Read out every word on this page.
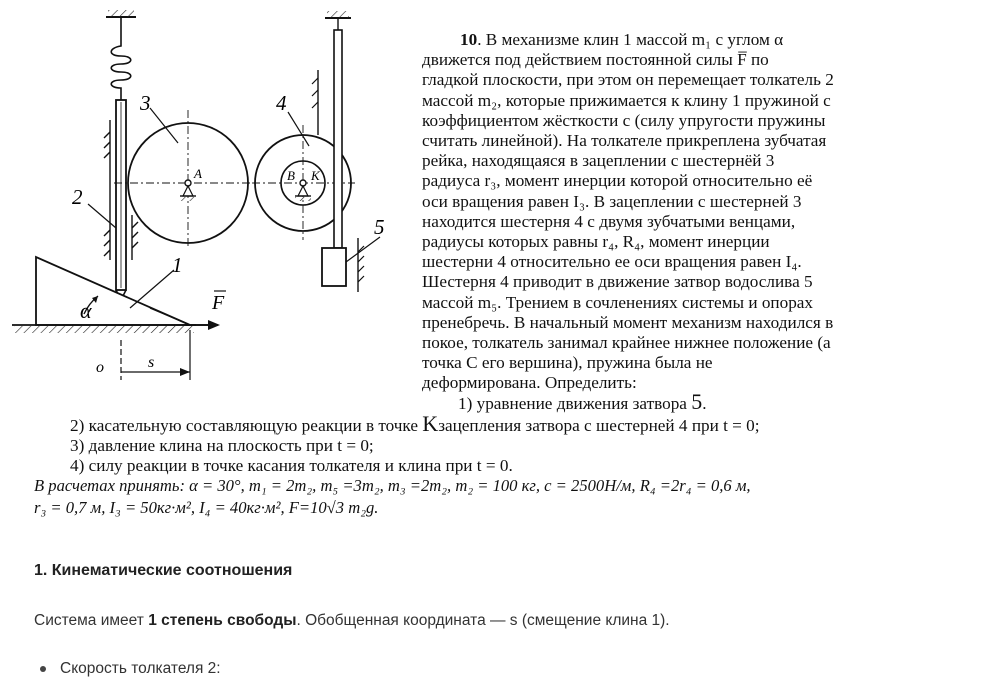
3	4
2
1
5
A	B K
F
α
o	s
10. В механизме клин 1 массой m₁ с углом α
движется под действием постоянной силы F̅ по
гладкой плоскости, при этом он перемещает толкатель 2
массой m₂, которые прижимается к клину 1 пружиной с
коэффициентом жёсткости c (силу упругости пружины
считать линейной). На толкателе прикреплена зубчатая
рейка, находящаяся в зацеплении с шестернёй 3
радиуса r₃, момент инерции которой относительно её
оси вращения равен I₃. В зацеплении с шестерней 3
находится шестерня 4 с двумя зубчатыми венцами,
радиусы которых равны r₄, R₄, момент инерции
шестерни 4 относительно ее оси вращения равен I₄.
Шестерня 4 приводит в движение затвор водослива 5
массой m₅. Трением в сочленениях системы и опорах
пренебречь. В начальный момент механизм находился в
покое, толкатель занимал крайнее нижнее положение (а
точка С его вершина), пружина была не
деформирована. Определить:
1) уравнение движения затвора 5.
2) касательную составляющую реакции в точке Kзацепления затвора с шестерней 4 при t = 0;
3) давление клина на плоскость при t = 0;
4) силу реакции в точке касания толкателя и клина при t = 0.
В расчетах принять: α = 30°, m₁ = 2m₂, m₅ =3m₂, m₃ =2m₂, m₂ = 100 кг, c = 2500Н/м, R₄ =2r₄ = 0,6 м,
r₃ = 0,7 м, I₃ = 50кг·м², I₄ = 40кг·м², F=10√3 m₂g.
1. Кинематические соотношения
Система имеет 1 степень свободы. Обобщенная координата — s (смещение клина 1).
Скорость толкателя 2:
